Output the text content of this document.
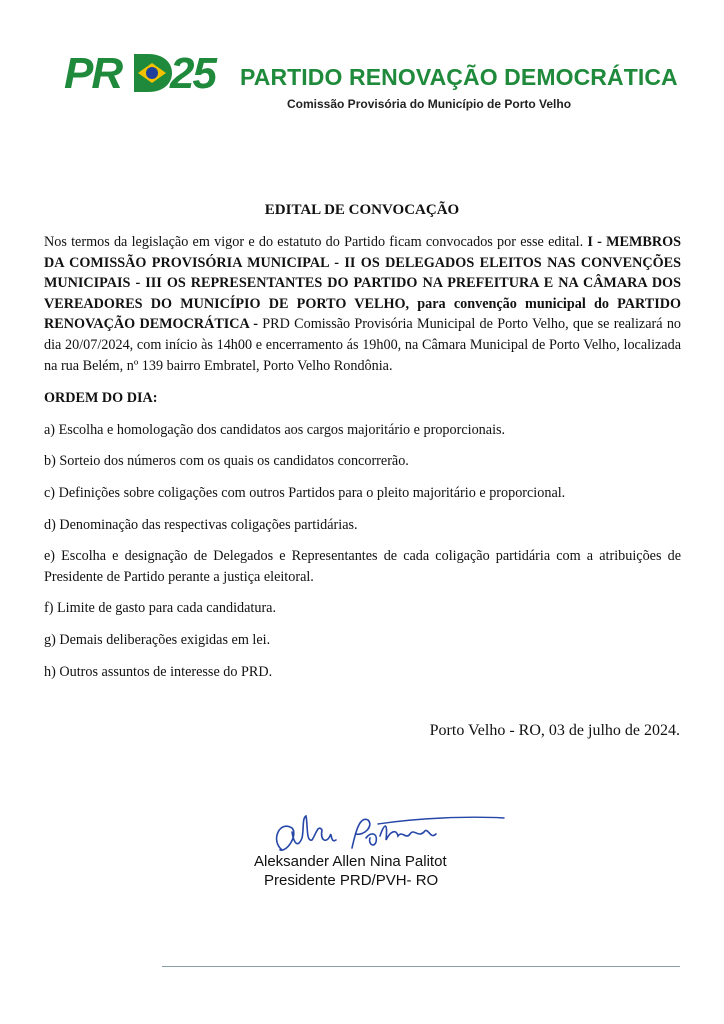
PR 25 PARTIDO RENOVAÇÃO DEMOCRÁTICA
Comissão Provisória do Município de Porto Velho
EDITAL DE CONVOCAÇÃO

Nos termos da legislação em vigor e do estatuto do Partido ficam convocados por esse edital. I - MEMBROS DA COMISSÃO PROVISÓRIA MUNICIPAL - II OS DELEGADOS ELEITOS NAS CONVENÇÕES MUNICIPAIS - III OS REPRESENTANTES DO PARTIDO NA PREFEITURA E NA CÂMARA DOS VEREADORES DO MUNICÍPIO DE PORTO VELHO, para convenção municipal do PARTIDO RENOVAÇÃO DEMOCRÁTICA - PRD Comissão Provisória Municipal de Porto Velho, que se realizará no dia 20/07/2024, com início às 14h00 e encerramento ás 19h00, na Câmara Municipal de Porto Velho, localizada na rua Belém, nº 139 bairro Embratel, Porto Velho Rondônia.

ORDEM DO DIA:

a) Escolha e homologação dos candidatos aos cargos majoritário e proporcionais.

b) Sorteio dos números com os quais os candidatos concorrerão.

c) Definições sobre coligações com outros Partidos para o pleito majoritário e proporcional.

d) Denominação das respectivas coligações partidárias.

e) Escolha e designação de Delegados e Representantes de cada coligação partidária com a atribuições de Presidente de Partido perante a justiça eleitoral.

f) Limite de gasto para cada candidatura.

g) Demais deliberações exigidas em lei.

h) Outros assuntos de interesse do PRD.

Porto Velho - RO, 03 de julho de 2024.
Aleksander Allen Nina Palitot
Presidente PRD/PVH- RO
